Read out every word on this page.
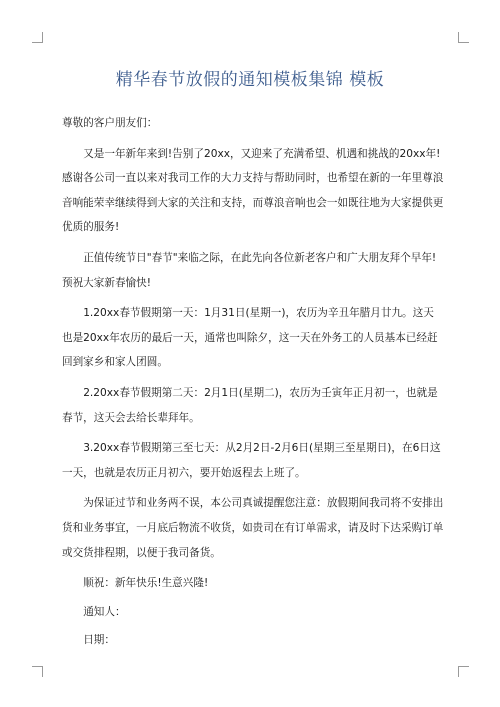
精华春节放假的通知模板集锦 模板

尊敬的客户朋友们：

又是一年新年来到!告别了20xx，又迎来了充满希望、机遇和挑战的20xx年!感谢各公司一直以来对我司工作的大力支持与帮助同时，也希望在新的一年里尊浪音响能荣幸继续得到大家的关注和支持，而尊浪音响也会一如既往地为大家提供更优质的服务!

正值传统节日"春节"来临之际，在此先向各位新老客户和广大朋友拜个早年!预祝大家新春愉快!

1.20xx春节假期第一天：1月31日(星期一)，农历为辛丑年腊月廿九。这天也是20xx年农历的最后一天，通常也叫除夕，这一天在外务工的人员基本已经赶回到家乡和家人团圆。

2.20xx春节假期第二天：2月1日(星期二)，农历为壬寅年正月初一，也就是春节，这天会去给长辈拜年。

3.20xx春节假期第三至七天：从2月2日-2月6日(星期三至星期日)，在6日这一天，也就是农历正月初六，要开始返程去上班了。

为保证过节和业务两不误，本公司真诚提醒您注意：放假期间我司将不安排出货和业务事宜，一月底后物流不收货，如贵司在有订单需求，请及时下达采购订单或交货排程期，以便于我司备货。

顺祝：新年快乐!生意兴隆!

通知人：

日期：
